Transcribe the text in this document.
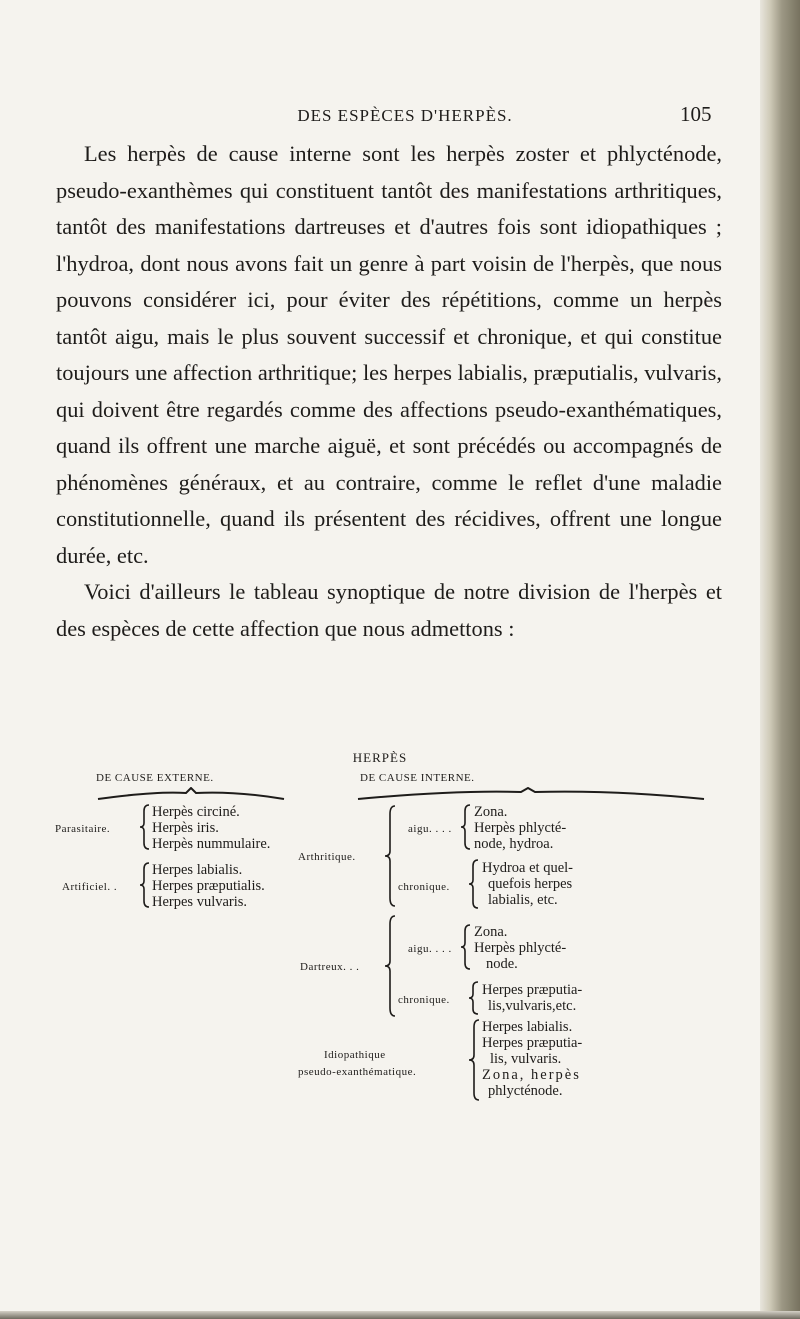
DES ESPÈCES D'HERPÈS.	105

Les herpès de cause interne sont les herpès zoster et phlycténode, pseudo-exanthèmes qui constituent tantôt des manifestations arthritiques, tantôt des manifestations dartreuses et d'autres fois sont idiopathiques ; l'hydroa, dont nous avons fait un genre à part voisin de l'herpès, que nous pouvons considérer ici, pour éviter des répétitions, comme un herpès tantôt aigu, mais le plus souvent successif et chronique, et qui constitue toujours une affection arthritique; les herpes labialis, præputialis, vulvaris, qui doivent être regardés comme des affections pseudo-exanthématiques, quand ils offrent une marche aiguë, et sont précédés ou accompagnés de phénomènes généraux, et au contraire, comme le reflet d'une maladie constitutionnelle, quand ils présentent des récidives, offrent une longue durée, etc.

Voici d'ailleurs le tableau synoptique de notre division de l'herpès et des espèces de cette affection que nous admettons :

HERPÈS
DE CAUSE EXTERNE.	DE CAUSE INTERNE.
Parasitaire.
Herpès circiné.
Herpès iris.
Herpès nummulaire.
Artificiel. .
Herpes labialis.
Herpes præputialis.
Herpes vulvaris.
Arthritique.
aigu. . . .
Zona.
Herpès phlycté-
node, hydroa.
chronique.
Hydroa et quel-
quefois herpes
labialis, etc.
Dartreux. . .
aigu. . . .
Zona.
Herpès phlycté-
node.
chronique.
Herpes præputia-
lis,vulvaris,etc.
Idiopathique
pseudo-exanthématique.
Herpes labialis.
Herpes præputia-
lis, vulvaris.
Zona, herpès
phlycténode.
